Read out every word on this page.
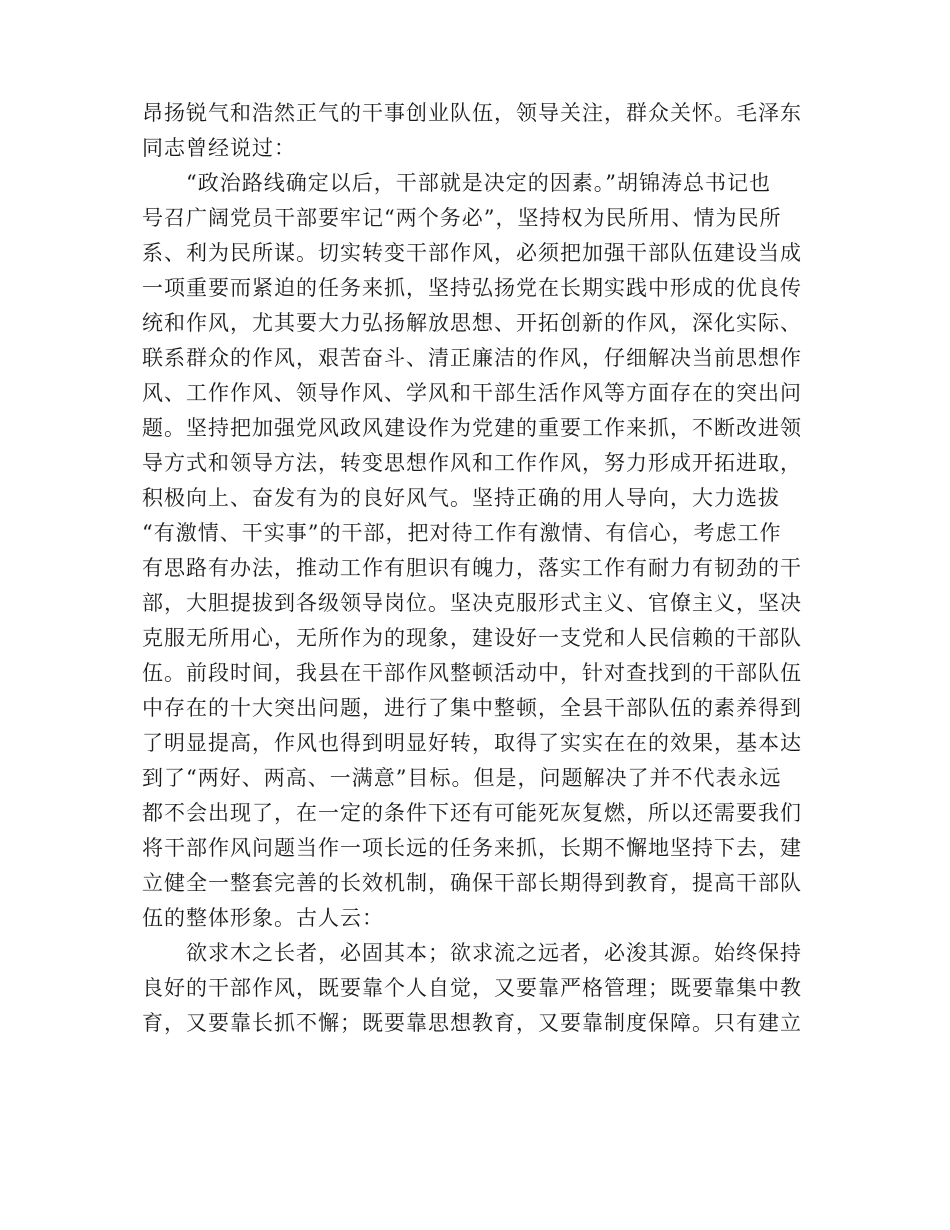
昂扬锐气和浩然正气的干事创业队伍，领导关注，群众关怀。毛泽东
同志曾经说过：
“政治路线确定以后，干部就是决定的因素。”胡锦涛总书记也
号召广阔党员干部要牢记“两个务必”，坚持权为民所用、情为民所
系、利为民所谋。切实转变干部作风，必须把加强干部队伍建设当成
一项重要而紧迫的任务来抓，坚持弘扬党在长期实践中形成的优良传
统和作风，尤其要大力弘扬解放思想、开拓创新的作风，深化实际、
联系群众的作风，艰苦奋斗、清正廉洁的作风，仔细解决当前思想作
风、工作作风、领导作风、学风和干部生活作风等方面存在的突出问
题。坚持把加强党风政风建设作为党建的重要工作来抓，不断改进领
导方式和领导方法，转变思想作风和工作作风，努力形成开拓进取，
积极向上、奋发有为的良好风气。坚持正确的用人导向，大力选拔
“有激情、干实事”的干部，把对待工作有激情、有信心，考虑工作
有思路有办法，推动工作有胆识有魄力，落实工作有耐力有韧劲的干
部，大胆提拔到各级领导岗位。坚决克服形式主义、官僚主义，坚决
克服无所用心，无所作为的现象，建设好一支党和人民信赖的干部队
伍。前段时间，我县在干部作风整顿活动中，针对查找到的干部队伍
中存在的十大突出问题，进行了集中整顿，全县干部队伍的素养得到
了明显提高，作风也得到明显好转，取得了实实在在的效果，基本达
到了“两好、两高、一满意”目标。但是，问题解决了并不代表永远
都不会出现了，在一定的条件下还有可能死灰复燃，所以还需要我们
将干部作风问题当作一项长远的任务来抓，长期不懈地坚持下去，建
立健全一整套完善的长效机制，确保干部长期得到教育，提高干部队
伍的整体形象。古人云：
欲求木之长者，必固其本；欲求流之远者，必浚其源。始终保持
良好的干部作风，既要靠个人自觉，又要靠严格管理；既要靠集中教
育，又要靠长抓不懈；既要靠思想教育，又要靠制度保障。只有建立
